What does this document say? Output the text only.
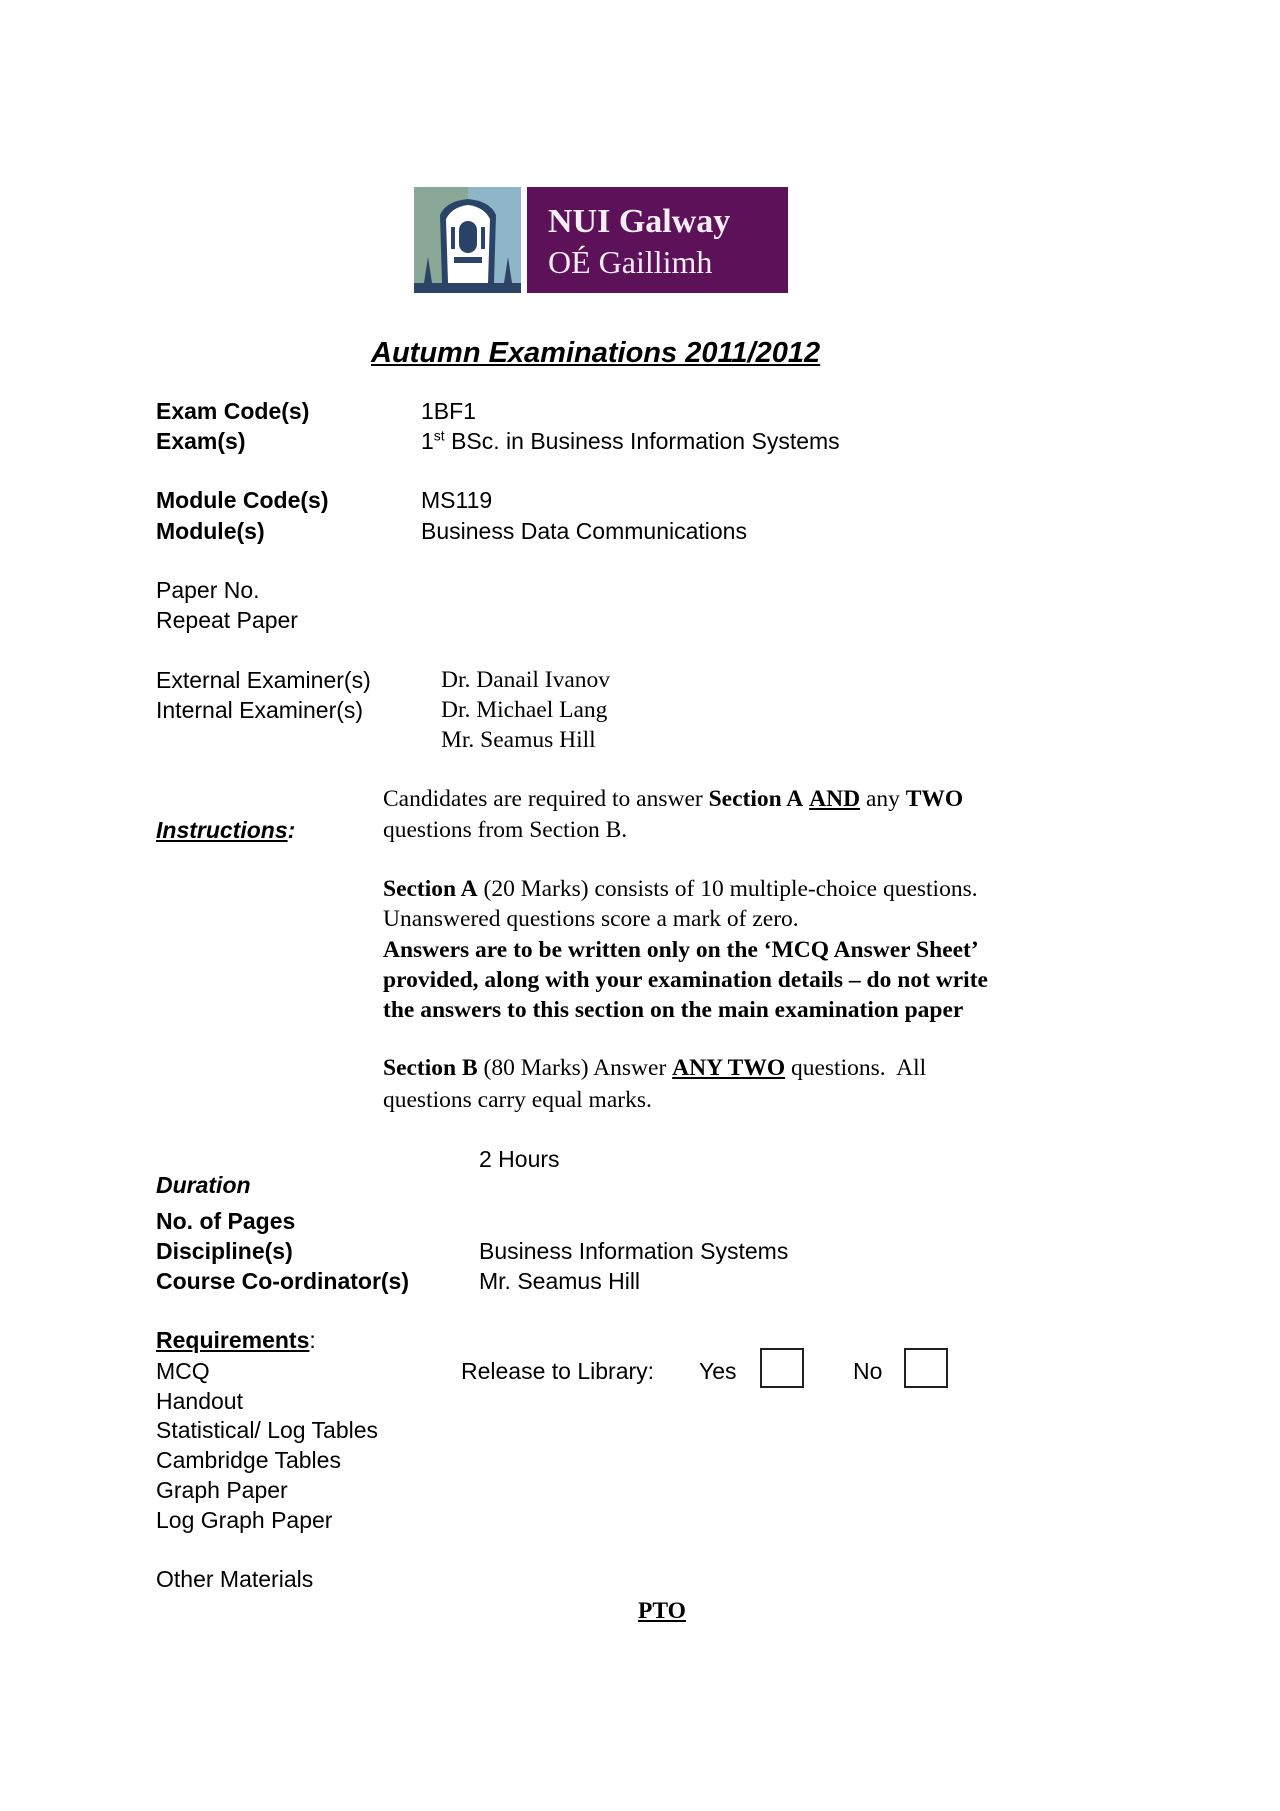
NUI Galway
OÉ Gaillimh
Autumn Examinations 2011/2012
Exam Code(s)	1BF1
Exam(s)	1st BSc. in Business Information Systems
Module Code(s)	MS119
Module(s)	Business Data Communications
Paper No.
Repeat Paper
External Examiner(s)	Dr. Danail Ivanov
Internal Examiner(s)	Dr. Michael Lang
Mr. Seamus Hill
Instructions:
Candidates are required to answer Section A AND any TWO
questions from Section B.
Section A (20 Marks) consists of 10 multiple-choice questions.
Unanswered questions score a mark of zero.
Answers are to be written only on the ‘MCQ Answer Sheet’
provided, along with your examination details – do not write
the answers to this section on the main examination paper
Section B (80 Marks) Answer ANY TWO questions.  All
questions carry equal marks.
2 Hours
Duration
No. of Pages
Discipline(s)	Business Information Systems
Course Co-ordinator(s)	Mr. Seamus Hill
Requirements:
MCQ
Handout
Statistical/ Log Tables
Cambridge Tables
Graph Paper
Log Graph Paper
Release to Library: Yes	No
Other Materials
PTO
